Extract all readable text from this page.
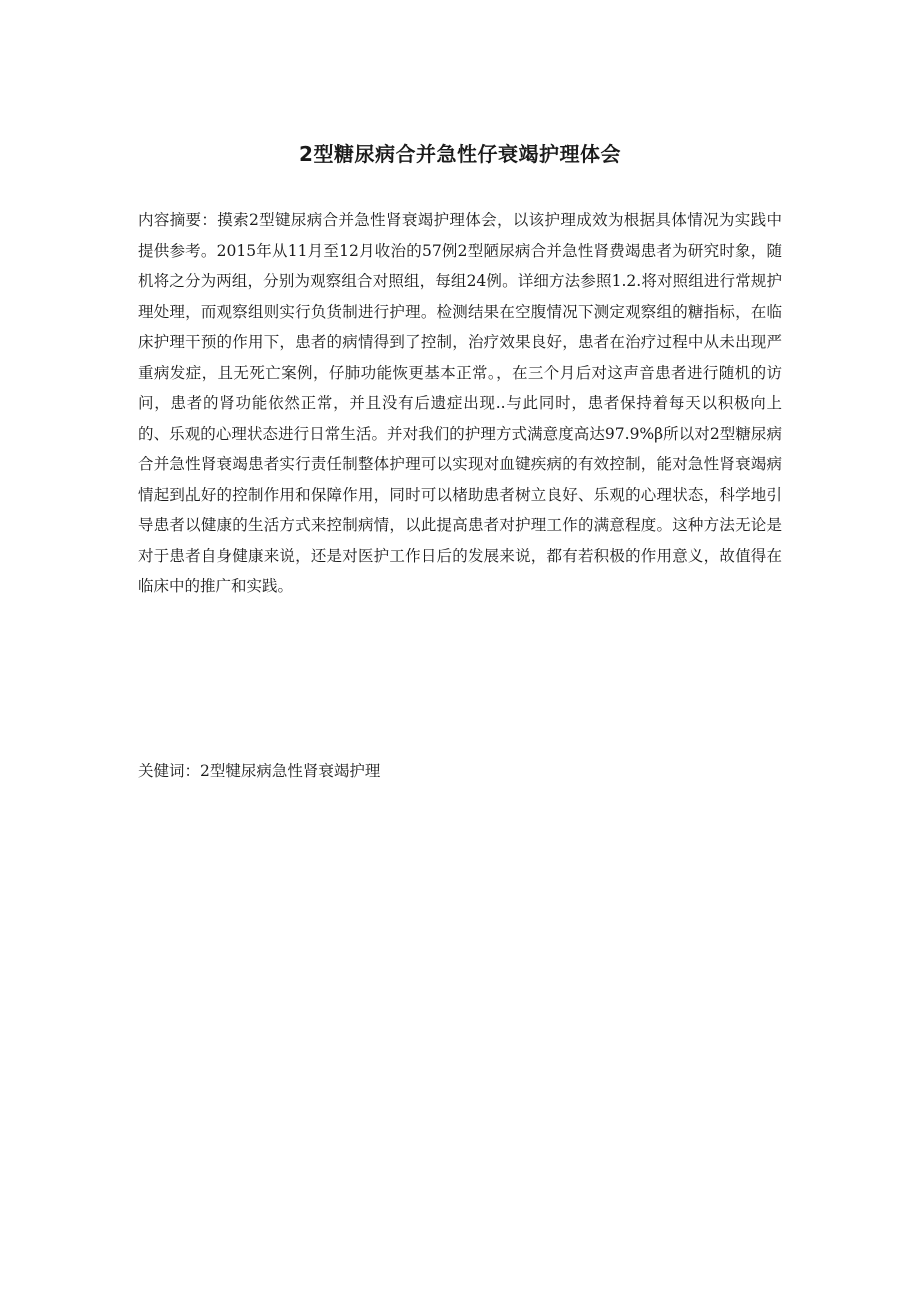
2型糖尿病合并急性仔衰竭护理体会

内容摘要：摸索2型键尿病合并急性肾衰竭护理体会，以该护理成效为根据具体情况为实践中提供参考。2015年从11月至12月收治的57例2型陋尿病合并急性肾费竭患者为研究时象，随机将之分为两组，分别为观察组合对照组，每组24例。详细方法参照1.2.将对照组进行常规护理处理，而观察组则实行负货制进行护理。检测结果在空腹情况下测定观察组的糖指标，在临床护理干预的作用下，患者的病情得到了控制，治疗效果良好，患者在治疗过程中从未出现严重病发症，且无死亡案例，仔肺功能恢更基本正常。，在三个月后对这声音患者进行随机的访问，患者的肾功能依然正常，并且没有后遗症出现..与此同时，患者保持着每天以积极向上的、乐观的心理状态进行日常生活。并对我们的护理方式满意度高达97.9%β所以对2型糖尿病合并急性肾衰竭患者实行责任制整体护理可以实现对血键疾病的有效控制，能对急性肾衰竭病情起到乩好的控制作用和保障作用，同时可以楮助患者树立良好、乐观的心理状态，科学地引导患者以健康的生活方式来控制病情，以此提高患者对护理工作的满意程度。这种方法无论是对于患者自身健康来说，还是对医护工作日后的发展来说，都有若积极的作用意义，故值得在临床中的推广和实践。

关健词：2型犍尿病急性肾衰竭护理
